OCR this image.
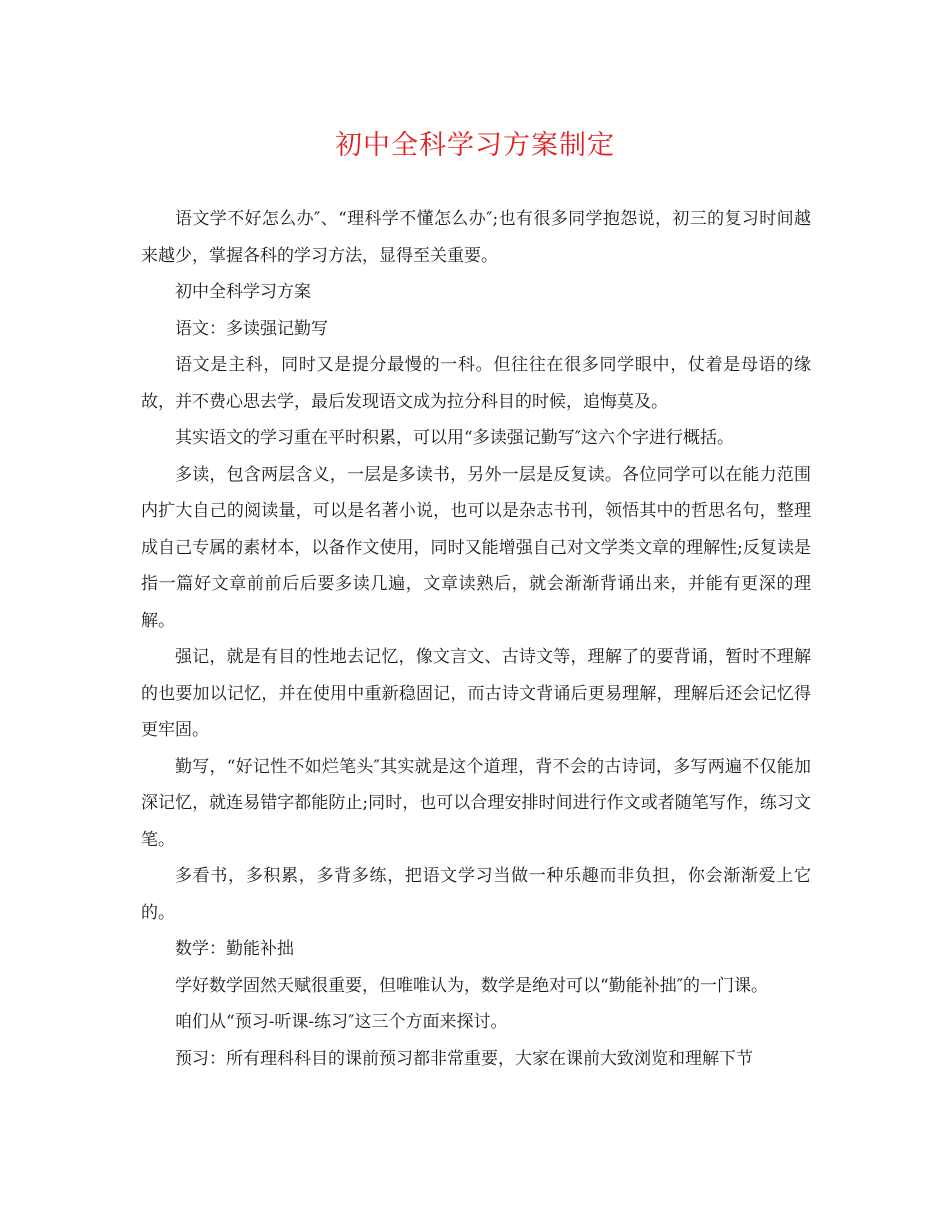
初中全科学习方案制定

语文学不好怎么办″、“理科学不懂怎么办″;也有很多同学抱怨说，初三的复习时间越来越少，掌握各科的学习方法，显得至关重要。

初中全科学习方案

语文：多读强记勤写

语文是主科，同时又是提分最慢的一科。但往往在很多同学眼中，仗着是母语的缘故，并不费心思去学，最后发现语文成为拉分科目的时候，追悔莫及。

其实语文的学习重在平时积累，可以用“多读强记勤写″这六个字进行概括。

多读，包含两层含义，一层是多读书，另外一层是反复读。各位同学可以在能力范围内扩大自己的阅读量，可以是名著小说，也可以是杂志书刊，领悟其中的哲思名句，整理成自己专属的素材本，以备作文使用，同时又能增强自己对文学类文章的理解性;反复读是指一篇好文章前前后后要多读几遍，文章读熟后，就会渐渐背诵出来，并能有更深的理解。

强记，就是有目的性地去记忆，像文言文、古诗文等，理解了的要背诵，暂时不理解的也要加以记忆，并在使用中重新稳固记，而古诗文背诵后更易理解，理解后还会记忆得更牢固。

勤写，“好记性不如烂笔头″其实就是这个道理，背不会的古诗词，多写两遍不仅能加深记忆，就连易错字都能防止;同时，也可以合理安排时间进行作文或者随笔写作，练习文笔。

多看书，多积累，多背多练，把语文学习当做一种乐趣而非负担，你会渐渐爱上它的。

数学：勤能补拙

学好数学固然天赋很重要，但唯唯认为，数学是绝对可以“勤能补拙″的一门课。

咱们从“预习-听课-练习″这三个方面来探讨。

预习：所有理科科目的课前预习都非常重要，大家在课前大致浏览和理解下节
